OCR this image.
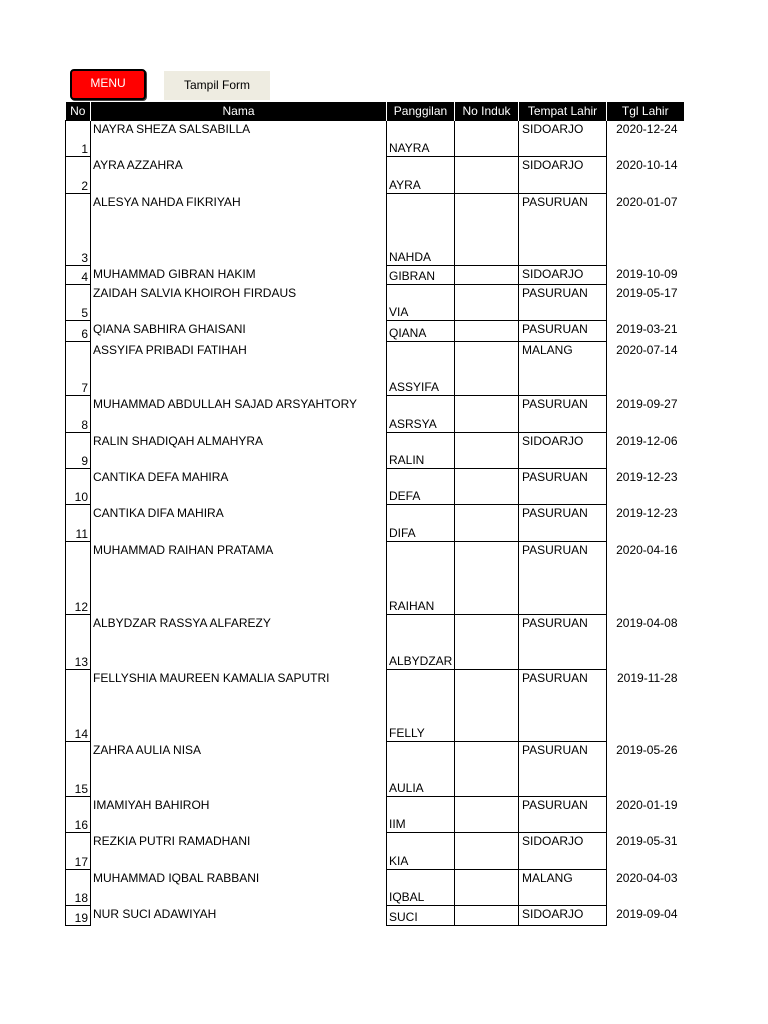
MENU	Tampil Form
No	Nama	Panggilan	No Induk	Tempat Lahir	Tgl Lahir
1	NAYRA SHEZA SALSABILLA	NAYRA		SIDOARJO	2020-12-24
2	AYRA AZZAHRA	AYRA		SIDOARJO	2020-10-14
3	ALESYA NAHDA FIKRIYAH	NAHDA		PASURUAN	2020-01-07
4	MUHAMMAD GIBRAN HAKIM	GIBRAN		SIDOARJO	2019-10-09
5	ZAIDAH SALVIA KHOIROH FIRDAUS	VIA		PASURUAN	2019-05-17
6	QIANA SABHIRA GHAISANI	QIANA		PASURUAN	2019-03-21
7	ASSYIFA PRIBADI FATIHAH	ASSYIFA		MALANG	2020-07-14
8	MUHAMMAD ABDULLAH SAJAD ARSYAHTORY	ASRSYA		PASURUAN	2019-09-27
9	RALIN SHADIQAH ALMAHYRA	RALIN		SIDOARJO	2019-12-06
10	CANTIKA DEFA MAHIRA	DEFA		PASURUAN	2019-12-23
11	CANTIKA DIFA MAHIRA	DIFA		PASURUAN	2019-12-23
12	MUHAMMAD RAIHAN PRATAMA	RAIHAN		PASURUAN	2020-04-16
13	ALBYDZAR RASSYA ALFAREZY	ALBYDZAR		PASURUAN	2019-04-08
14	FELLYSHIA MAUREEN KAMALIA SAPUTRI	FELLY		PASURUAN	2019-11-28
15	ZAHRA AULIA NISA	AULIA		PASURUAN	2019-05-26
16	IMAMIYAH BAHIROH	IIM		PASURUAN	2020-01-19
17	REZKIA PUTRI RAMADHANI	KIA		SIDOARJO	2019-05-31
18	MUHAMMAD IQBAL RABBANI	IQBAL		MALANG	2020-04-03
19	NUR SUCI ADAWIYAH	SUCI		SIDOARJO	2019-09-04
